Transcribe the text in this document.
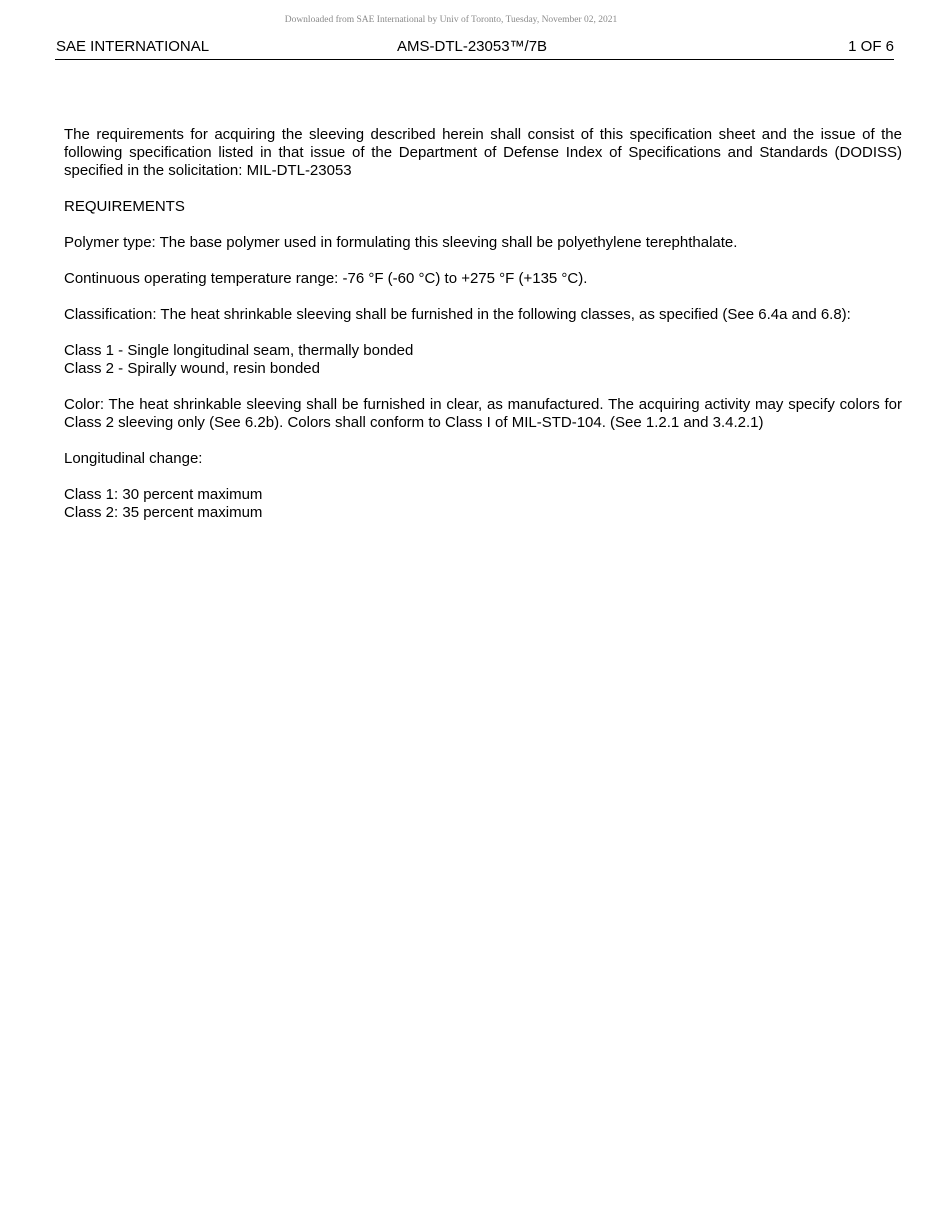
Downloaded from SAE International by Univ of Toronto, Tuesday, November 02, 2021
SAE INTERNATIONAL	AMS-DTL-23053™/7B	1 OF 6

The requirements for acquiring the sleeving described herein shall consist of this specification sheet and the issue of the following specification listed in that issue of the Department of Defense Index of Specifications and Standards (DODISS) specified in the solicitation: MIL-DTL-23053

REQUIREMENTS

Polymer type: The base polymer used in formulating this sleeving shall be polyethylene terephthalate.

Continuous operating temperature range: -76 °F (-60 °C) to +275 °F (+135 °C).

Classification: The heat shrinkable sleeving shall be furnished in the following classes, as specified (See 6.4a and 6.8):

Class 1 - Single longitudinal seam, thermally bonded
Class 2 - Spirally wound, resin bonded

Color: The heat shrinkable sleeving shall be furnished in clear, as manufactured. The acquiring activity may specify colors for Class 2 sleeving only (See 6.2b). Colors shall conform to Class I of MIL-STD-104. (See 1.2.1 and 3.4.2.1)

Longitudinal change:

Class 1: 30 percent maximum
Class 2: 35 percent maximum
